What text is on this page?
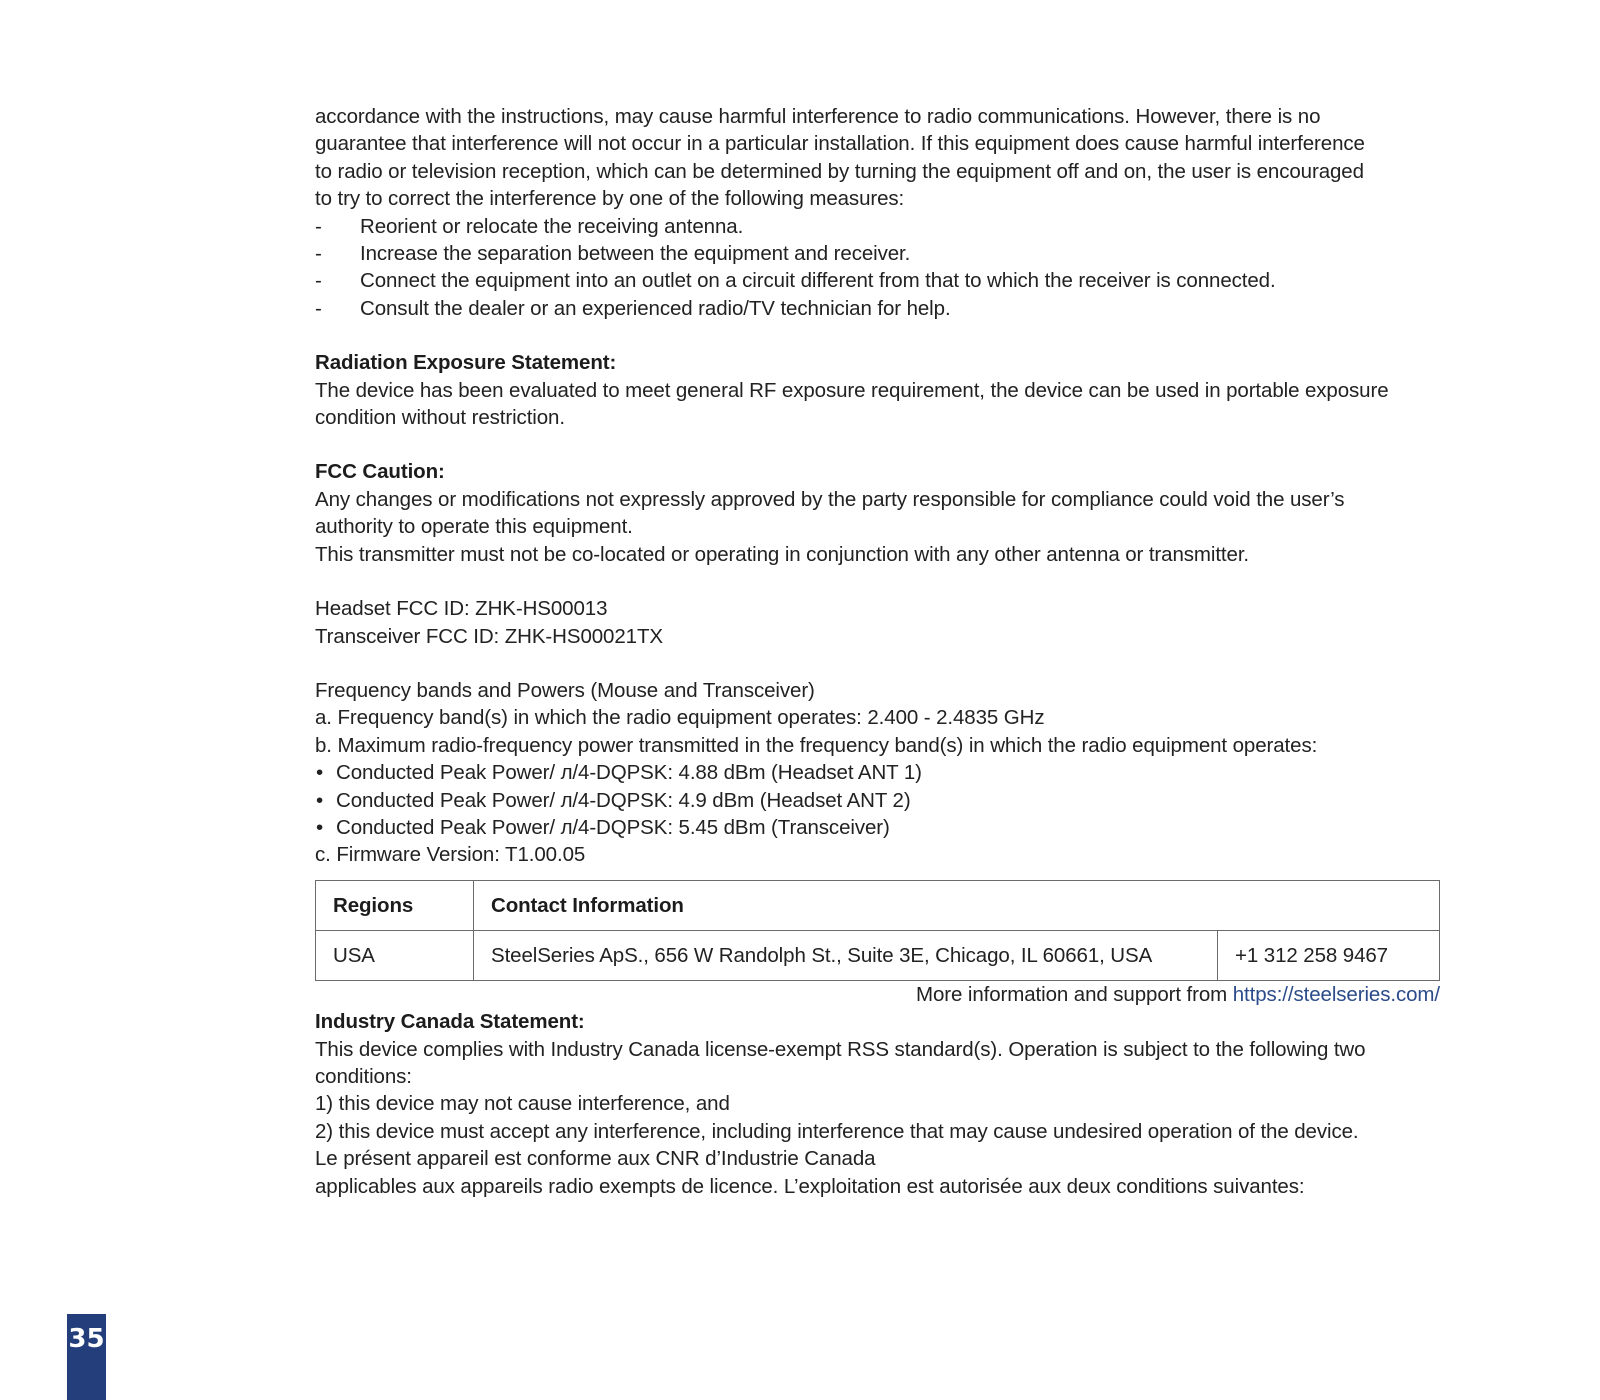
accordance with the instructions, may cause harmful interference to radio communications. However, there is no

guarantee that interference will not occur in a particular installation. If this equipment does cause harmful interference

to radio or television reception, which can be determined by turning the equipment off and on, the user is encouraged

to try to correct the interference by one of the following measures:

-	Reorient or relocate the receiving antenna.
-	Increase the separation between the equipment and receiver.
-	Connect the equipment into an outlet on a circuit different from that to which the receiver is connected.
-	Consult the dealer or an experienced radio/TV technician for help.

Radiation Exposure Statement:

The device has been evaluated to meet general RF exposure requirement, the device can be used in portable exposure

condition without restriction.

FCC Caution:

Any changes or modifications not expressly approved by the party responsible for compliance could void the user’s

authority to operate this equipment.

This transmitter must not be co-located or operating in conjunction with any other antenna or transmitter.

Headset FCC ID: ZHK-HS00013

Transceiver FCC ID: ZHK-HS00021TX

Frequency bands and Powers (Mouse and Transceiver)

a. Frequency band(s) in which the radio equipment operates: 2.400 - 2.4835 GHz

b. Maximum radio-frequency power transmitted in the frequency band(s) in which the radio equipment operates:

• Conducted Peak Power/ л/4-DQPSK: 4.88 dBm (Headset ANT 1)
• Conducted Peak Power/ л/4-DQPSK: 4.9 dBm (Headset ANT 2)
• Conducted Peak Power/ л/4-DQPSK: 5.45 dBm (Transceiver)

c. Firmware Version: T1.00.05

Regions	Contact Information	
USA	SteelSeries ApS., 656 W Randolph St., Suite 3E, Chicago, IL 60661, USA	+1 312 258 9467

More information and support from https://steelseries.com/

Industry Canada Statement:

This device complies with Industry Canada license-exempt RSS standard(s). Operation is subject to the following two

conditions:

1) this device may not cause interference, and

2) this device must accept any interference, including interference that may cause undesired operation of the device.

Le présent appareil est conforme aux CNR d’Industrie Canada

applicables aux appareils radio exempts de licence. L’exploitation est autorisée aux deux conditions suivantes:

35
